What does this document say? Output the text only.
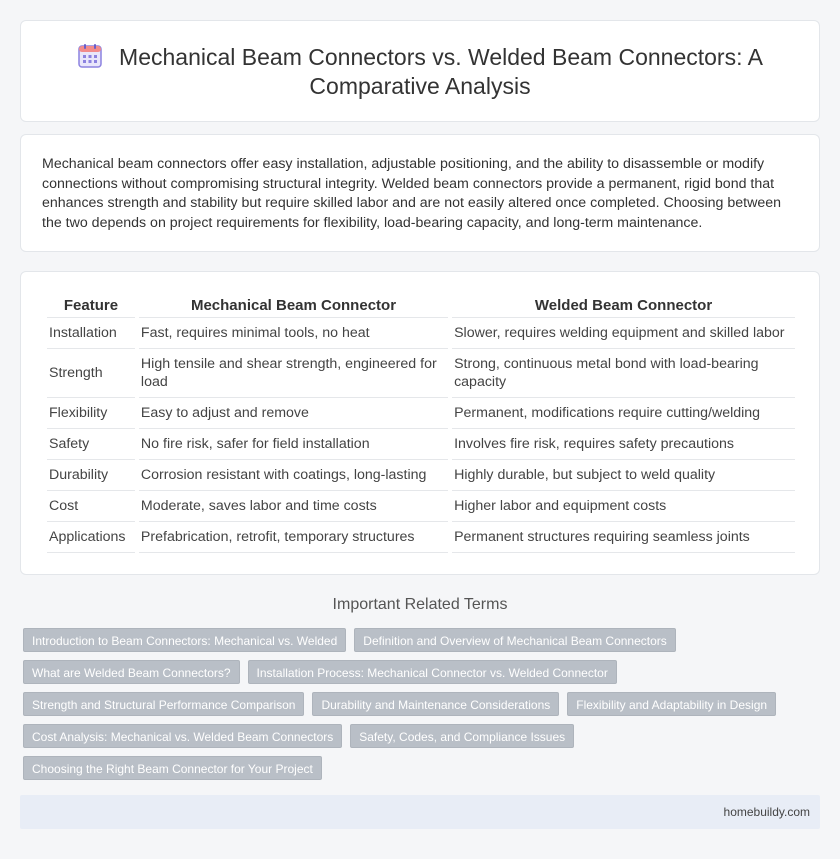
Mechanical Beam Connectors vs. Welded Beam Connectors: A Comparative Analysis

Mechanical beam connectors offer easy installation, adjustable positioning, and the ability to disassemble or modify connections without compromising structural integrity. Welded beam connectors provide a permanent, rigid bond that enhances strength and stability but require skilled labor and are not easily altered once completed. Choosing between the two depends on project requirements for flexibility, load-bearing capacity, and long-term maintenance.

Feature	Mechanical Beam Connector	Welded Beam Connector
Installation	Fast, requires minimal tools, no heat	Slower, requires welding equipment and skilled labor
Strength	High tensile and shear strength, engineered for load	Strong, continuous metal bond with load-bearing capacity
Flexibility	Easy to adjust and remove	Permanent, modifications require cutting/welding
Safety	No fire risk, safer for field installation	Involves fire risk, requires safety precautions
Durability	Corrosion resistant with coatings, long-lasting	Highly durable, but subject to weld quality
Cost	Moderate, saves labor and time costs	Higher labor and equipment costs
Applications	Prefabrication, retrofit, temporary structures	Permanent structures requiring seamless joints
Important Related Terms
Introduction to Beam Connectors: Mechanical vs. Welded	Definition and Overview of Mechanical Beam Connectors
What are Welded Beam Connectors?	Installation Process: Mechanical Connector vs. Welded Connector
Strength and Structural Performance Comparison	Durability and Maintenance Considerations	Flexibility and Adaptability in Design
Cost Analysis: Mechanical vs. Welded Beam Connectors	Safety, Codes, and Compliance Issues
Choosing the Right Beam Connector for Your Project
homebuildy.com
